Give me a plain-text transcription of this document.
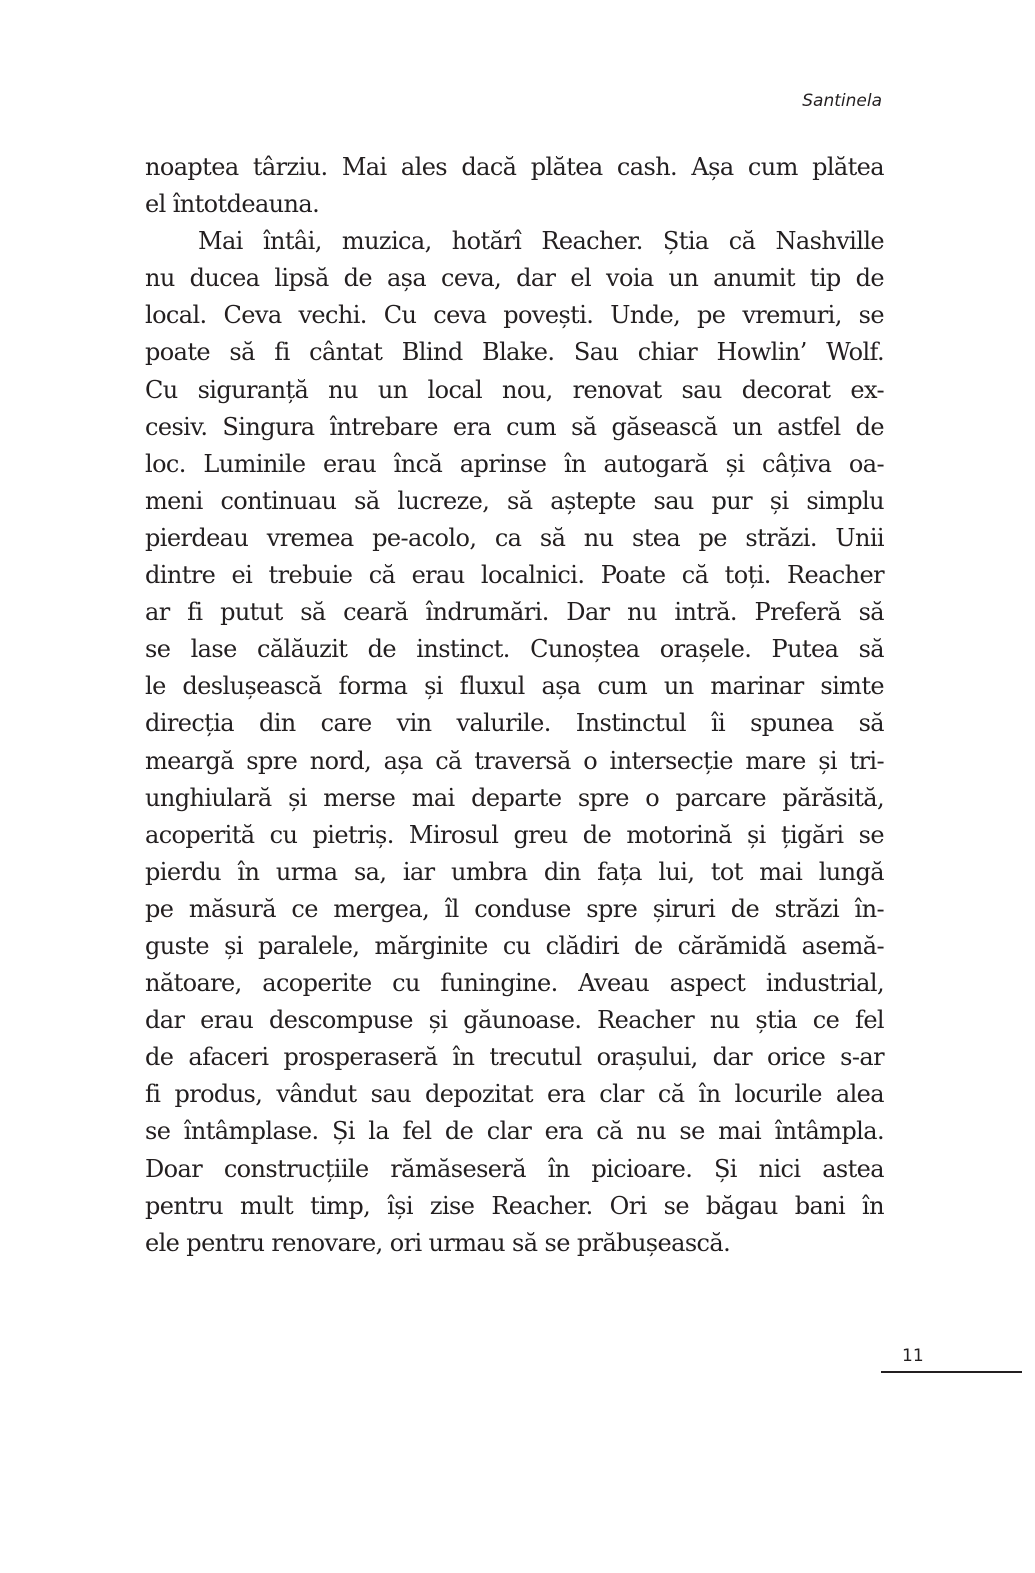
Santinela
noaptea târziu. Mai ales dacă plătea cash. Așa cum plătea
el întotdeauna.
Mai întâi, muzica, hotărî Reacher. Știa că Nashville
nu ducea lipsă de așa ceva, dar el voia un anumit tip de
local. Ceva vechi. Cu ceva povești. Unde, pe vremuri, se
poate să fi cântat Blind Blake. Sau chiar Howlin’ Wolf.
Cu siguranță nu un local nou, renovat sau decorat ex-
cesiv. Singura întrebare era cum să găsească un astfel de
loc. Luminile erau încă aprinse în autogară și câțiva oa-
meni continuau să lucreze, să aștepte sau pur și simplu
pierdeau vremea pe-acolo, ca să nu stea pe străzi. Unii
dintre ei trebuie că erau localnici. Poate că toți. Reacher
ar fi putut să ceară îndrumări. Dar nu intră. Preferă să
se lase călăuzit de instinct. Cunoștea orașele. Putea să
le deslușească forma și fluxul așa cum un marinar simte
direcția din care vin valurile. Instinctul îi spunea să
meargă spre nord, așa că traversă o intersecție mare și tri-
unghiulară și merse mai departe spre o parcare părăsită,
acoperită cu pietriș. Mirosul greu de motorină și țigări se
pierdu în urma sa, iar umbra din fața lui, tot mai lungă
pe măsură ce mergea, îl conduse spre șiruri de străzi în-
guste și paralele, mărginite cu clădiri de cărămidă asemă-
nătoare, acoperite cu funingine. Aveau aspect industrial,
dar erau descompuse și găunoase. Reacher nu știa ce fel
de afaceri prosperaseră în trecutul orașului, dar orice s-ar
fi produs, vândut sau depozitat era clar că în locurile alea
se întâmplase. Și la fel de clar era că nu se mai întâmpla.
Doar construcțiile rămăseseră în picioare. Și nici astea
pentru mult timp, își zise Reacher. Ori se băgau bani în
ele pentru renovare, ori urmau să se prăbușească.
11
